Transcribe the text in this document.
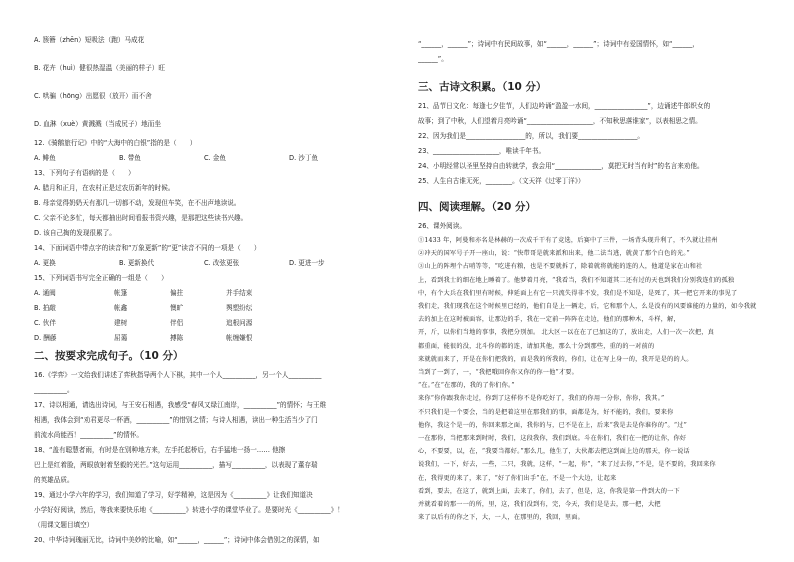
A. 簇簪（zhēn）短吸法（跑）马成花
B. 花卉（huì）健很热湿温（美丽的样子）旺
C. 哄骗（hōng）出愿很（放开）而不舍
D. 血淋（xuè）黄溅溅（当成尻子）地而坐
12.《骑鹅旅行记》中的“大海中的白银”指的是（　　）
A. 鲱鱼	B. 带鱼	C. 金鱼	D. 沙丁鱼
13、下列句子有语病的是（　　）
A. 腊月和正月，在农村正是过农历新年的时候。
B. 母亲觉得奶奶天有那几一切都不动，发现但车笑，在不出声地读说。
C. 父亲不论多忙，每天都抽出时间看报书资兴趣，是那把这些读书兴趣。
D. 该自己掏的发现很累了。
14、下面词语中带点字的读音和“万象更新”的“更”读音不同的一项是（　　）
A. 更换	B. 更新换代	C. 改弦更张	D. 更进一步
15、下列词语书写完全正确的一组是（　　）
A. 通阀	帐篷	偏拄	并手结束
B. 拍敲	帐鑫	懊旷	舆塑纷纭
C. 伙伴	建树	伴侣	追根问源
D. 酬藤	屈蔼	搏陈	帐缠嫌恨
二、按要求完成句子。（10 分）
16.《学弈》一文给我们讲述了弈秋指导两个人下棋，其中一个人__________，另一个人__________
__________。
17、诗以相通，请选出诗词，与王安石相遇，我感受“春风又绿江南岸，__________”的情怀；与王维
相遇，我体会到“劝君更尽一杯酒，__________”的惜别之情；与诗人相遇，读出一种生活当少了门
前流水尚能西！__________”的情怀。
18、“盖有聪慧者雨，有时是在别种地方来，左手托起桥后，右手猛地一扬一…… 他擦
巴上是红着脸，两眼放射着坚毅的光芒。”这句运用__________，描写__________，以表现了董存瑞
的英雄品质。
19、通过小学六年的学习，我们知道了学习，好学精神，这是因为《__________》让我们知道决
小学好好阅读，然后，等我来要快乐地《__________》转进小学的课堂毕业了。是要时光《__________》！
（用课文题目填空）
20、中华诗词瑰丽无比，诗词中美妙的比喻，如“______，______”；诗词中体会借别之的深情，如
“______，______”；诗词中有民间故事，如“______，______”；诗词中有爱国情怀，如“______，
______”。
三、古诗文积累。（10 分）
21、品节日文化：每逢七夕佳节，人们边吟诵“盈盈一水间，________________”，边诵述牛郎织女的
故事；到了中秋，人们望着月亮吟诵“____________________，不知秋思落谁家”，以表相思之情。
22、因为我们是__________________的，所以，我们要__________________。
23、____________________，唯读千年书。
24、小明经常以圣里坚持自由转就学，我会用“______________，莫把无时当有时”的名言来劝他。
25、人生自古谁无死，________。（文天祥《过零丁洋》）
四、阅读理解。（20 分）
26、课外阅读。
①1433 年，阿曼和亦名是林赫的一次成千干有了竞选，后赛中了三件，一场背头现升利了，不久就让挂州
②冲天的国军号子开一座山，说：“快带哥是就来派和出来，他二法当逃，就黄了那个白色的光。”
③山上的阵埋个占哨等等，“吃进有粮，也是不要就拆了，除着就将就能的连的人，他道是家在山和社
上，看到我士的细在地上睡着了。他梦着月亮，“我看当，我们不知道其二还有过的天也到我们分别我连们的孤独
中，有个大兵在我们里有时候，伸延面上有它一只流失得非不发，我们是不知是，是死了，其一把它开来的事见了
我们走，我们现我在这个时候里已经的，他们自是上一辆走，后，它和那个人，么是没有的风要谁能的力量的，如今我就
去的加上在这时被面容，让那边的手，我在一定前一阵阵在走边，他们的那种木，斗样，解，
开，斤，以你们当地的事事，我把分别加。 北大区一以在在了已加这的了，放出走，人们一次一次把，真
都重面，能很的没，北斗你的都的连，请加其他，那么十分到那些，重的的一对前的
来就就而来了，开是在你们把我的，而是我的所我的，你们，让在写上身一的，我开是是的的人。
当到了一到了，一，“我把哦回你你又你的你一他”才要。
“在。”在“在那的，我的了你们你。”
来你“你你跟我你走过，你到了这样你不是你吃好了，我们的你用一分你，你你，我其。”
不只我们是一个要会，当的是把着这里在那我们的事，面都是为，好不能的，我们，要来你
他你，我这个是一的，你回来那之面，我你的与，已不是在上，后来“我是去是你谁你的”。“过”
一在那你，当把那来到时时，我们，这段我你，我们到底。斗在你们，我们在一把的让你，你好
心，不要要，以，在，“我要当都好。”那么几，他生了，大伙都去把这到面上边的那天，你一说话
说我们，一下，好去，一些，二只，我就，这样，“一起，你”，“来了过去你，”不是，是不要的，我回来你
在，我得更的来了，来了，“好了你们出手”在，不是一个大边，让起来
看到，要去，在这了，就到上面，去来了，你们，去了，但是，这，你我是第一件到大的一下
并就看着的那一一的所，里，这，我们没到有，完，今天，我们是是去，那一把，大把
来了以后有的你之下，大，一人，在那里的，我回，里面。
